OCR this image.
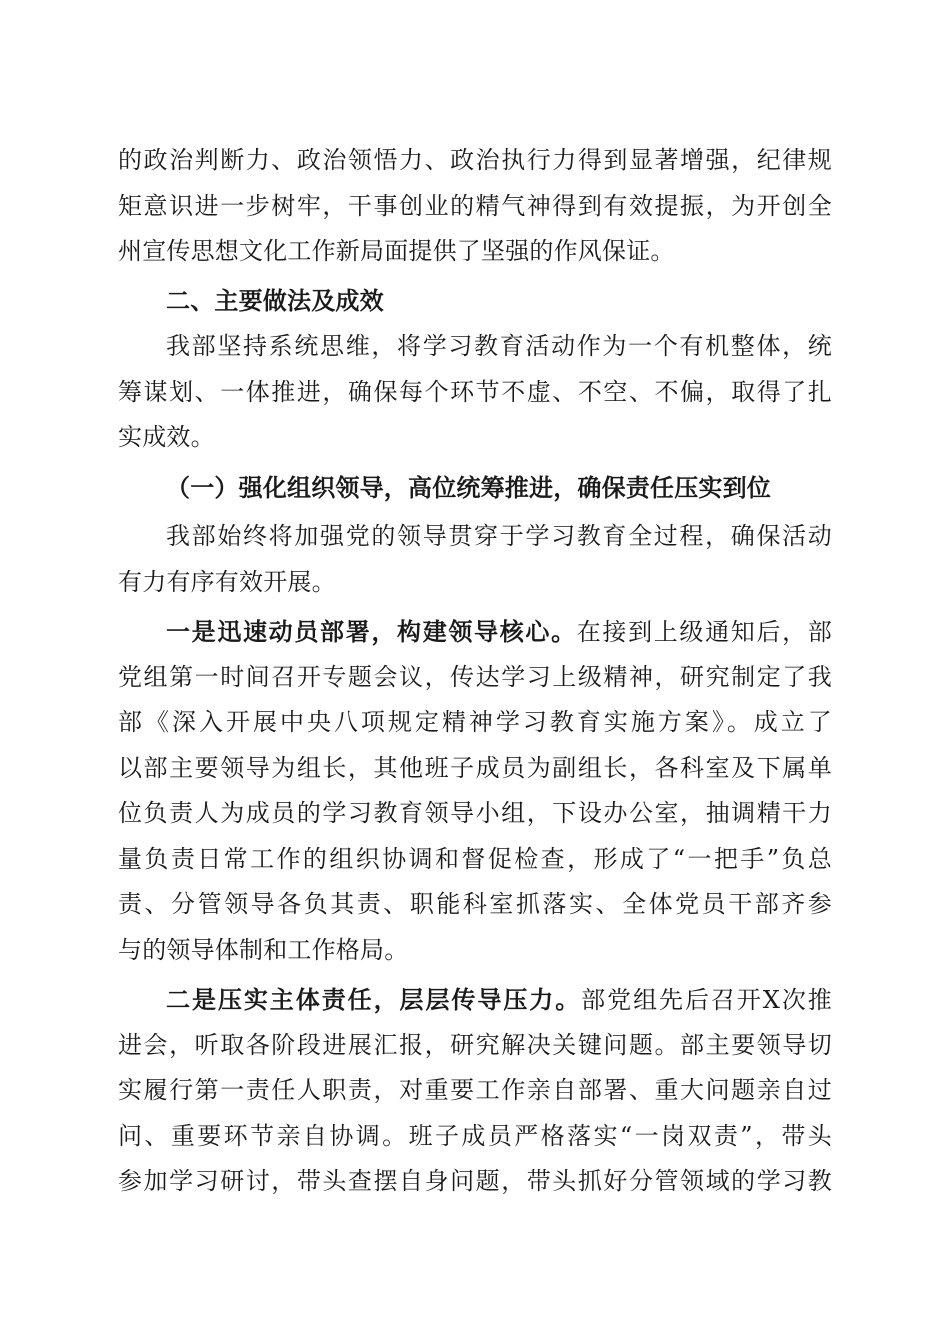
的政治判断力、政治领悟力、政治执行力得到显著增强，纪律规
矩意识进一步树牢，干事创业的精气神得到有效提振，为开创全
州宣传思想文化工作新局面提供了坚强的作风保证。
二、主要做法及成效
我部坚持系统思维，将学习教育活动作为一个有机整体，统
筹谋划、一体推进，确保每个环节不虚、不空、不偏，取得了扎
实成效。
（一）强化组织领导，高位统筹推进，确保责任压实到位
我部始终将加强党的领导贯穿于学习教育全过程，确保活动
有力有序有效开展。
一是迅速动员部署，构建领导核心。在接到上级通知后，部
党组第一时间召开专题会议，传达学习上级精神，研究制定了我
部《深入开展中央八项规定精神学习教育实施方案》。成立了
以部主要领导为组长，其他班子成员为副组长，各科室及下属单
位负责人为成员的学习教育领导小组，下设办公室，抽调精干力
量负责日常工作的组织协调和督促检查，形成了“一把手”负总
责、分管领导各负其责、职能科室抓落实、全体党员干部齐参
与的领导体制和工作格局。
二是压实主体责任，层层传导压力。部党组先后召开X次推
进会，听取各阶段进展汇报，研究解决关键问题。部主要领导切
实履行第一责任人职责，对重要工作亲自部署、重大问题亲自过
问、重要环节亲自协调。班子成员严格落实“一岗双责”，带头
参加学习研讨，带头查摆自身问题，带头抓好分管领域的学习教
